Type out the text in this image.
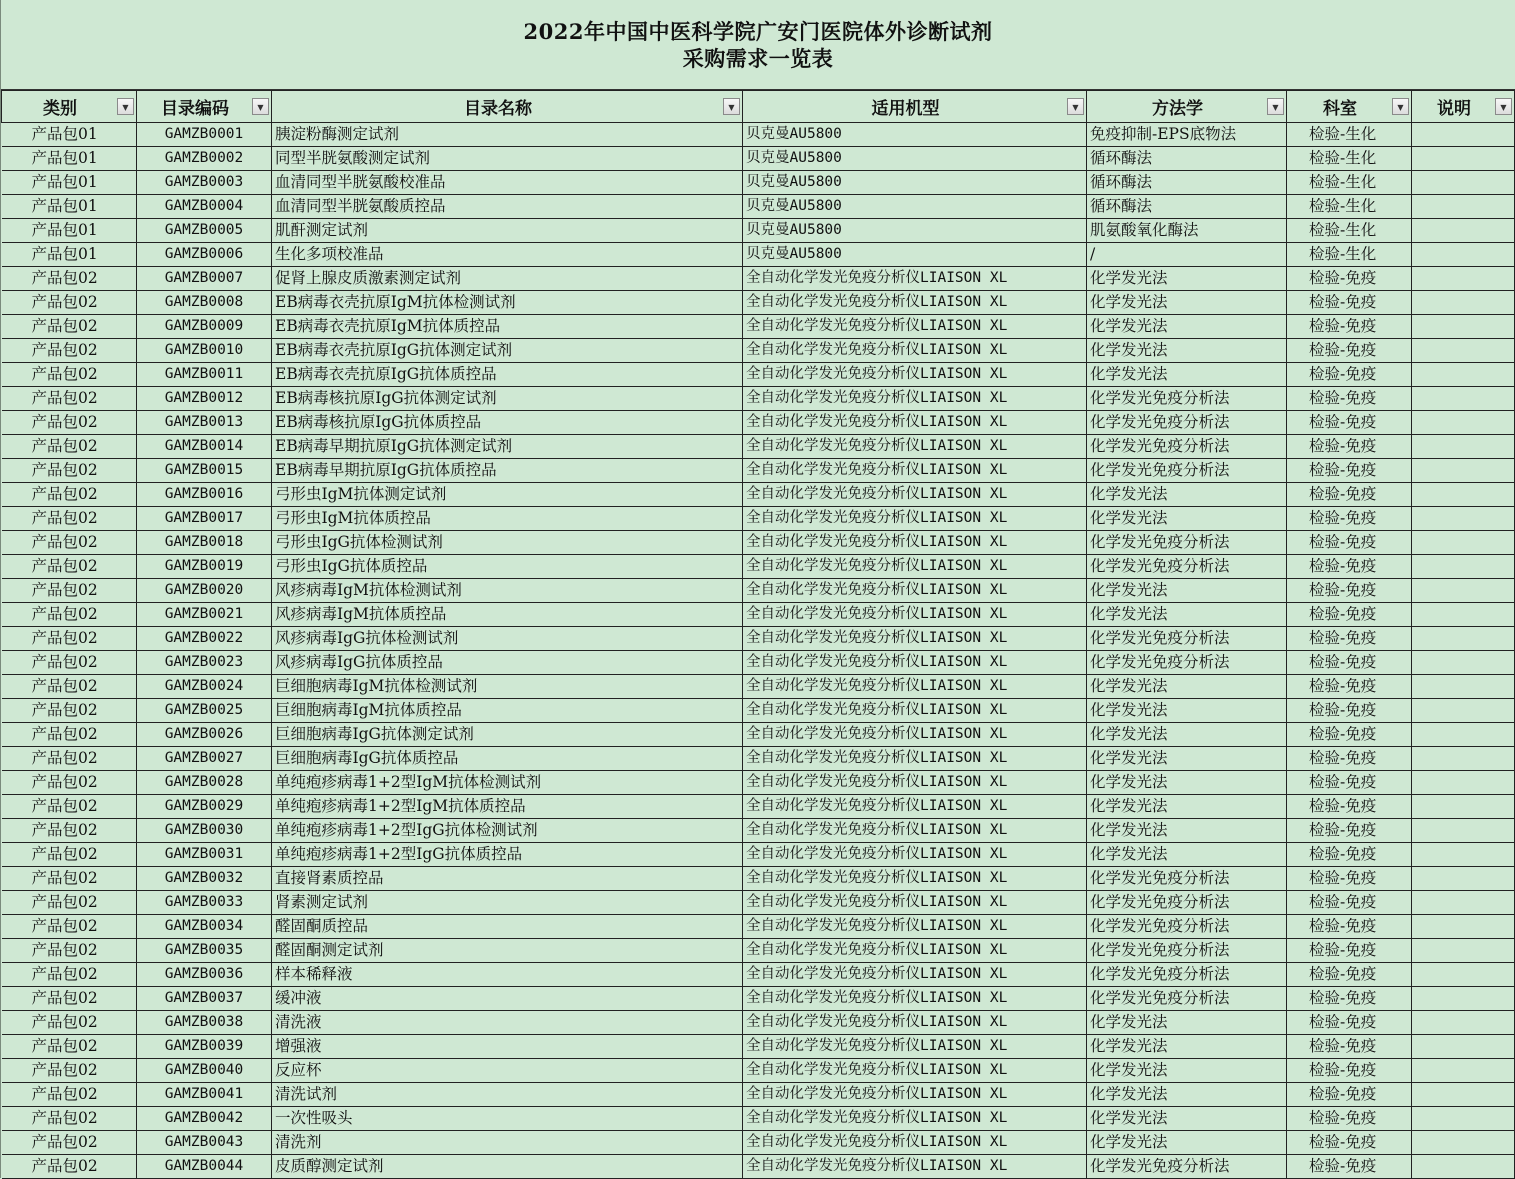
2022年中国中医科学院广安门医院体外诊断试剂
采购需求一览表
类别 ▼	目录编码 ▼	目录名称 ▼	适用机型 ▼	方法学 ▼	科室 ▼	说明 ▼

产品包01	GAMZB0001	胰淀粉酶测定试剂	贝克曼AU5800	免疫抑制-EPS底物法	检验-生化	
产品包01	GAMZB0002	同型半胱氨酸测定试剂	贝克曼AU5800	循环酶法	检验-生化	
产品包01	GAMZB0003	血清同型半胱氨酸校准品	贝克曼AU5800	循环酶法	检验-生化	
产品包01	GAMZB0004	血清同型半胱氨酸质控品	贝克曼AU5800	循环酶法	检验-生化	
产品包01	GAMZB0005	肌酐测定试剂	贝克曼AU5800	肌氨酸氧化酶法	检验-生化	
产品包01	GAMZB0006	生化多项校准品	贝克曼AU5800	/	检验-生化	
产品包02	GAMZB0007	促肾上腺皮质激素测定试剂	全自动化学发光免疫分析仪LIAISON XL	化学发光法	检验-免疫	
产品包02	GAMZB0008	EB病毒衣壳抗原IgM抗体检测试剂	全自动化学发光免疫分析仪LIAISON XL	化学发光法	检验-免疫	
产品包02	GAMZB0009	EB病毒衣壳抗原IgM抗体质控品	全自动化学发光免疫分析仪LIAISON XL	化学发光法	检验-免疫	
产品包02	GAMZB0010	EB病毒衣壳抗原IgG抗体测定试剂	全自动化学发光免疫分析仪LIAISON XL	化学发光法	检验-免疫	
产品包02	GAMZB0011	EB病毒衣壳抗原IgG抗体质控品	全自动化学发光免疫分析仪LIAISON XL	化学发光法	检验-免疫	
产品包02	GAMZB0012	EB病毒核抗原IgG抗体测定试剂	全自动化学发光免疫分析仪LIAISON XL	化学发光免疫分析法	检验-免疫	
产品包02	GAMZB0013	EB病毒核抗原IgG抗体质控品	全自动化学发光免疫分析仪LIAISON XL	化学发光免疫分析法	检验-免疫	
产品包02	GAMZB0014	EB病毒早期抗原IgG抗体测定试剂	全自动化学发光免疫分析仪LIAISON XL	化学发光免疫分析法	检验-免疫	
产品包02	GAMZB0015	EB病毒早期抗原IgG抗体质控品	全自动化学发光免疫分析仪LIAISON XL	化学发光免疫分析法	检验-免疫	
产品包02	GAMZB0016	弓形虫IgM抗体测定试剂	全自动化学发光免疫分析仪LIAISON XL	化学发光法	检验-免疫	
产品包02	GAMZB0017	弓形虫IgM抗体质控品	全自动化学发光免疫分析仪LIAISON XL	化学发光法	检验-免疫	
产品包02	GAMZB0018	弓形虫IgG抗体检测试剂	全自动化学发光免疫分析仪LIAISON XL	化学发光免疫分析法	检验-免疫	
产品包02	GAMZB0019	弓形虫IgG抗体质控品	全自动化学发光免疫分析仪LIAISON XL	化学发光免疫分析法	检验-免疫	
产品包02	GAMZB0020	风疹病毒IgM抗体检测试剂	全自动化学发光免疫分析仪LIAISON XL	化学发光法	检验-免疫	
产品包02	GAMZB0021	风疹病毒IgM抗体质控品	全自动化学发光免疫分析仪LIAISON XL	化学发光法	检验-免疫	
产品包02	GAMZB0022	风疹病毒IgG抗体检测试剂	全自动化学发光免疫分析仪LIAISON XL	化学发光免疫分析法	检验-免疫	
产品包02	GAMZB0023	风疹病毒IgG抗体质控品	全自动化学发光免疫分析仪LIAISON XL	化学发光免疫分析法	检验-免疫	
产品包02	GAMZB0024	巨细胞病毒IgM抗体检测试剂	全自动化学发光免疫分析仪LIAISON XL	化学发光法	检验-免疫	
产品包02	GAMZB0025	巨细胞病毒IgM抗体质控品	全自动化学发光免疫分析仪LIAISON XL	化学发光法	检验-免疫	
产品包02	GAMZB0026	巨细胞病毒IgG抗体测定试剂	全自动化学发光免疫分析仪LIAISON XL	化学发光法	检验-免疫	
产品包02	GAMZB0027	巨细胞病毒IgG抗体质控品	全自动化学发光免疫分析仪LIAISON XL	化学发光法	检验-免疫	
产品包02	GAMZB0028	单纯疱疹病毒1+2型IgM抗体检测试剂	全自动化学发光免疫分析仪LIAISON XL	化学发光法	检验-免疫	
产品包02	GAMZB0029	单纯疱疹病毒1+2型IgM抗体质控品	全自动化学发光免疫分析仪LIAISON XL	化学发光法	检验-免疫	
产品包02	GAMZB0030	单纯疱疹病毒1+2型IgG抗体检测试剂	全自动化学发光免疫分析仪LIAISON XL	化学发光法	检验-免疫	
产品包02	GAMZB0031	单纯疱疹病毒1+2型IgG抗体质控品	全自动化学发光免疫分析仪LIAISON XL	化学发光法	检验-免疫	
产品包02	GAMZB0032	直接肾素质控品	全自动化学发光免疫分析仪LIAISON XL	化学发光免疫分析法	检验-免疫	
产品包02	GAMZB0033	肾素测定试剂	全自动化学发光免疫分析仪LIAISON XL	化学发光免疫分析法	检验-免疫	
产品包02	GAMZB0034	醛固酮质控品	全自动化学发光免疫分析仪LIAISON XL	化学发光免疫分析法	检验-免疫	
产品包02	GAMZB0035	醛固酮测定试剂	全自动化学发光免疫分析仪LIAISON XL	化学发光免疫分析法	检验-免疫	
产品包02	GAMZB0036	样本稀释液	全自动化学发光免疫分析仪LIAISON XL	化学发光免疫分析法	检验-免疫	
产品包02	GAMZB0037	缓冲液	全自动化学发光免疫分析仪LIAISON XL	化学发光免疫分析法	检验-免疫	
产品包02	GAMZB0038	清洗液	全自动化学发光免疫分析仪LIAISON XL	化学发光法	检验-免疫	
产品包02	GAMZB0039	增强液	全自动化学发光免疫分析仪LIAISON XL	化学发光法	检验-免疫	
产品包02	GAMZB0040	反应杯	全自动化学发光免疫分析仪LIAISON XL	化学发光法	检验-免疫	
产品包02	GAMZB0041	清洗试剂	全自动化学发光免疫分析仪LIAISON XL	化学发光法	检验-免疫	
产品包02	GAMZB0042	一次性吸头	全自动化学发光免疫分析仪LIAISON XL	化学发光法	检验-免疫	
产品包02	GAMZB0043	清洗剂	全自动化学发光免疫分析仪LIAISON XL	化学发光法	检验-免疫	
产品包02	GAMZB0044	皮质醇测定试剂	全自动化学发光免疫分析仪LIAISON XL	化学发光免疫分析法	检验-免疫	
